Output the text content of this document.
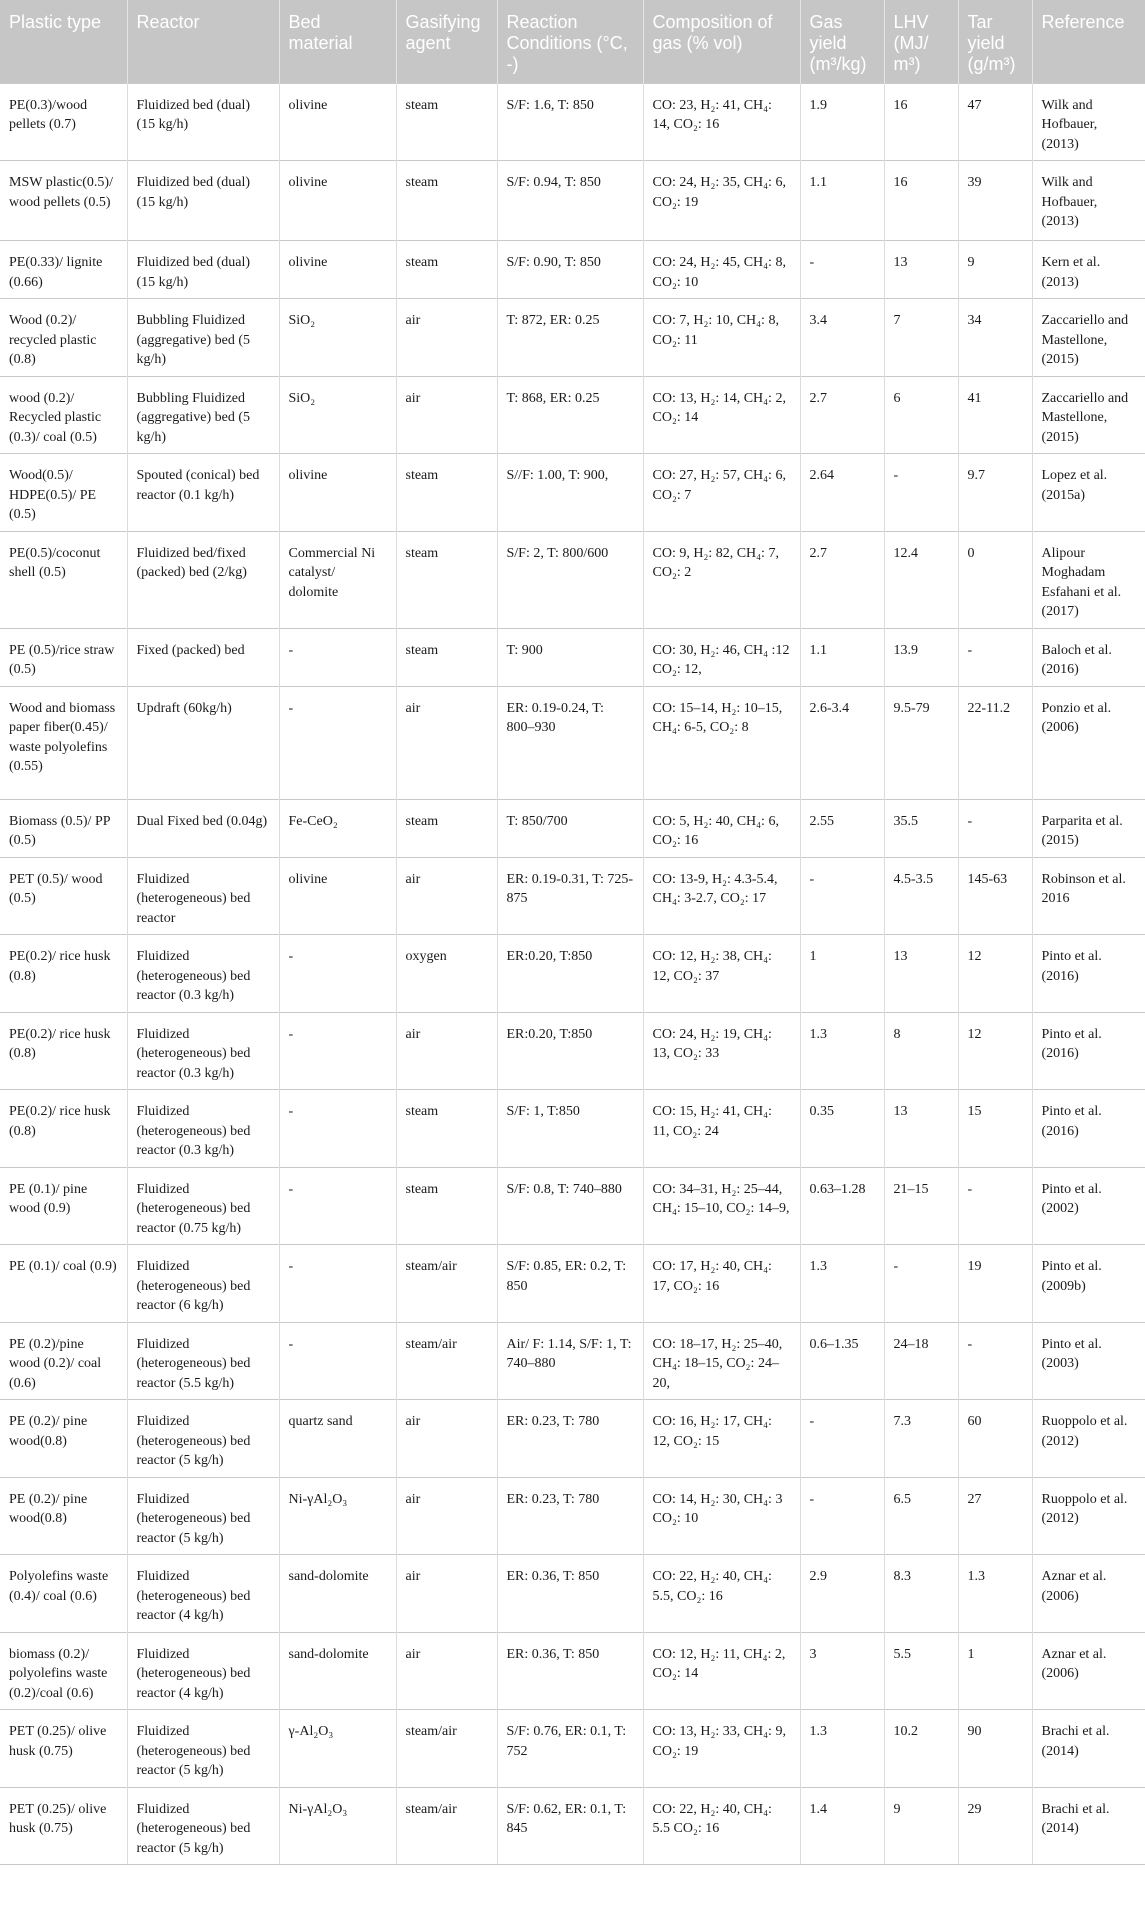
Plastic type	Reactor	Bed material	Gasifying agent	Reaction Conditions (°C, -)	Composition of gas (% vol)	Gas yield (m³/kg)	LHV (MJ/ m³)	Tar yield (g/m³)	Reference
PE(0.3)/wood pellets (0.7)	Fluidized bed (dual) (15 kg/h)	olivine	steam	S/F: 1.6, T: 850	CO: 23, H₂: 41, CH₄: 14, CO₂: 16	1.9	16	47	Wilk and Hofbauer, (2013)
MSW plastic(0.5)/ wood pellets (0.5)	Fluidized bed (dual) (15 kg/h)	olivine	steam	S/F: 0.94, T: 850	CO: 24, H₂: 35, CH₄: 6, CO₂: 19	1.1	16	39	Wilk and Hofbauer, (2013)
PE(0.33)/ lignite (0.66)	Fluidized bed (dual) (15 kg/h)	olivine	steam	S/F: 0.90, T: 850	CO: 24, H₂: 45, CH₄: 8, CO₂: 10	-	13	9	Kern et al. (2013)
Wood (0.2)/ recycled plastic (0.8)	Bubbling Fluidized (aggregative) bed (5 kg/h)	SiO₂	air	T: 872, ER: 0.25	CO: 7, H₂: 10, CH₄: 8, CO₂: 11	3.4	7	34	Zaccariello and Mastellone, (2015)
wood (0.2)/ Recycled plastic (0.3)/ coal (0.5)	Bubbling Fluidized (aggregative) bed (5 kg/h)	SiO₂	air	T: 868, ER: 0.25	CO: 13, H₂: 14, CH₄: 2, CO₂: 14	2.7	6	41	Zaccariello and Mastellone, (2015)
Wood(0.5)/ HDPE(0.5)/ PE (0.5)	Spouted (conical) bed reactor (0.1 kg/h)	olivine	steam	S//F: 1.00, T: 900,	CO: 27, H₂: 57, CH₄: 6, CO₂: 7	2.64	-	9.7	Lopez et al. (2015a)
PE(0.5)/coconut shell (0.5)	Fluidized bed/fixed (packed) bed (2/kg)	Commercial Ni catalyst/ dolomite	steam	S/F: 2, T: 800/600	CO: 9, H₂: 82, CH₄: 7, CO₂: 2	2.7	12.4	0	Alipour Moghadam Esfahani et al. (2017)
PE (0.5)/rice straw (0.5)	Fixed (packed) bed	-	steam	T: 900	CO: 30, H₂: 46, CH₄ :12 CO₂: 12,	1.1	13.9	-	Baloch et al. (2016)
Wood and biomass paper fiber(0.45)/ waste polyolefins (0.55)	Updraft (60kg/h)	-	air	ER: 0.19-0.24, T: 800–930	CO: 15–14, H₂: 10–15, CH₄: 6-5, CO₂: 8	2.6-3.4	9.5-79	22-11.2	Ponzio et al. (2006)
Biomass (0.5)/ PP (0.5)	Dual Fixed bed (0.04g)	Fe-CeO₂	steam	T: 850/700	CO: 5, H₂: 40, CH₄: 6, CO₂: 16	2.55	35.5	-	Parparita et al. (2015)
PET (0.5)/ wood (0.5)	Fluidized (heterogeneous) bed reactor	olivine	air	ER: 0.19-0.31, T: 725-875	CO: 13-9, H₂: 4.3-5.4, CH₄: 3-2.7, CO₂: 17	-	4.5-3.5	145-63	Robinson et al. 2016
PE(0.2)/ rice husk (0.8)	Fluidized (heterogeneous) bed reactor (0.3 kg/h)	-	oxygen	ER:0.20, T:850	CO: 12, H₂: 38, CH₄: 12, CO₂: 37	1	13	12	Pinto et al. (2016)
PE(0.2)/ rice husk (0.8)	Fluidized (heterogeneous) bed reactor (0.3 kg/h)	-	air	ER:0.20, T:850	CO: 24, H₂: 19, CH₄: 13, CO₂: 33	1.3	8	12	Pinto et al. (2016)
PE(0.2)/ rice husk (0.8)	Fluidized (heterogeneous) bed reactor (0.3 kg/h)	-	steam	S/F: 1, T:850	CO: 15, H₂: 41, CH₄: 11, CO₂: 24	0.35	13	15	Pinto et al. (2016)
PE (0.1)/ pine wood (0.9)	Fluidized (heterogeneous) bed reactor (0.75 kg/h)	-	steam	S/F: 0.8, T: 740–880	CO: 34–31, H₂: 25–44, CH₄: 15–10, CO₂: 14–9,	0.63–1.28	21–15	-	Pinto et al. (2002)
PE (0.1)/ coal (0.9)	Fluidized (heterogeneous) bed reactor (6 kg/h)	-	steam/air	S/F: 0.85, ER: 0.2, T: 850	CO: 17, H₂: 40, CH₄: 17, CO₂: 16	1.3	-	19	Pinto et al. (2009b)
PE (0.2)/pine wood (0.2)/ coal (0.6)	Fluidized (heterogeneous) bed reactor (5.5 kg/h)	-	steam/air	Air/ F: 1.14, S/F: 1, T: 740–880	CO: 18–17, H₂: 25–40, CH₄: 18–15, CO₂: 24–20,	0.6–1.35	24–18	-	Pinto et al. (2003)
PE (0.2)/ pine wood(0.8)	Fluidized (heterogeneous) bed reactor (5 kg/h)	quartz sand	air	ER: 0.23, T: 780	CO: 16, H₂: 17, CH₄: 12, CO₂: 15	-	7.3	60	Ruoppolo et al. (2012)
PE (0.2)/ pine wood(0.8)	Fluidized (heterogeneous) bed reactor (5 kg/h)	Ni-γAl₂O₃	air	ER: 0.23, T: 780	CO: 14, H₂: 30, CH₄: 3 CO₂: 10	-	6.5	27	Ruoppolo et al. (2012)
Polyolefins waste (0.4)/ coal (0.6)	Fluidized (heterogeneous) bed reactor (4 kg/h)	sand-dolomite	air	ER: 0.36, T: 850	CO: 22, H₂: 40, CH₄: 5.5, CO₂: 16	2.9	8.3	1.3	Aznar et al. (2006)
biomass (0.2)/ polyolefins waste (0.2)/coal (0.6)	Fluidized (heterogeneous) bed reactor (4 kg/h)	sand-dolomite	air	ER: 0.36, T: 850	CO: 12, H₂: 11, CH₄: 2, CO₂: 14	3	5.5	1	Aznar et al. (2006)
PET (0.25)/ olive husk (0.75)	Fluidized (heterogeneous) bed reactor (5 kg/h)	γ-Al₂O₃	steam/air	S/F: 0.76, ER: 0.1, T: 752	CO: 13, H₂: 33, CH₄: 9, CO₂: 19	1.3	10.2	90	Brachi et al. (2014)
PET (0.25)/ olive husk (0.75)	Fluidized (heterogeneous) bed reactor (5 kg/h)	Ni-γAl₂O₃	steam/air	S/F: 0.62, ER: 0.1, T: 845	CO: 22, H₂: 40, CH₄: 5.5 CO₂: 16	1.4	9	29	Brachi et al. (2014)
